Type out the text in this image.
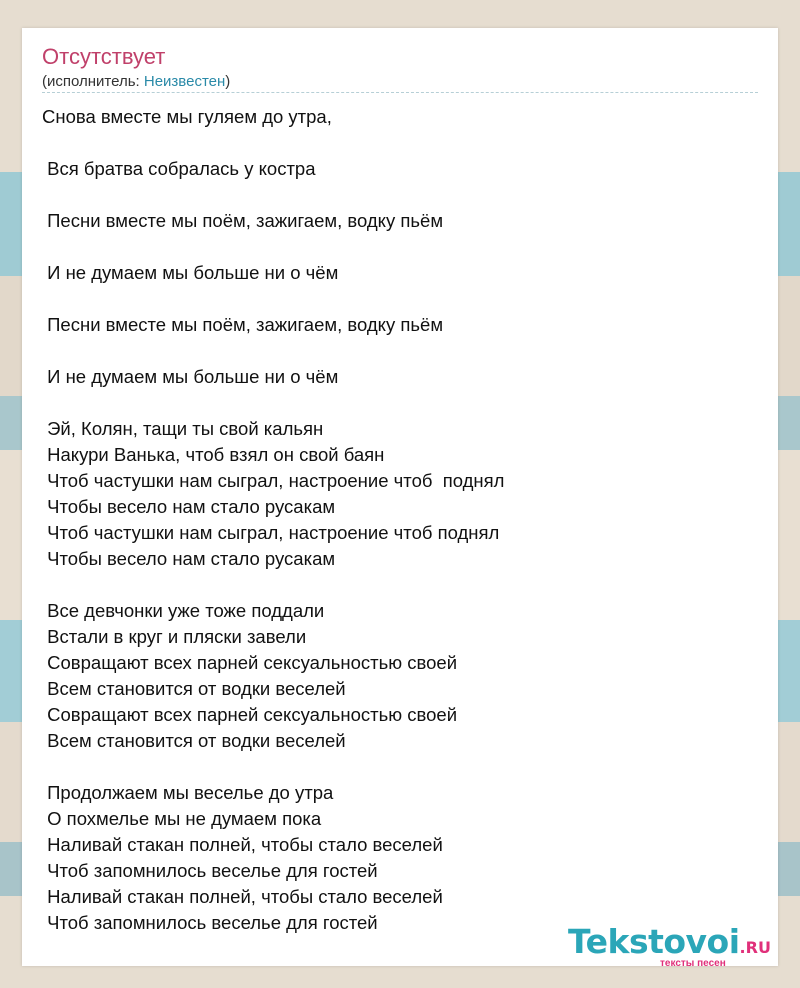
Отсутствует
(исполнитель: Неизвестен)
Снова вместе мы гуляем до утра,

Вся братва собралась у костра

Песни вместе мы поём, зажигаем, водку пьём

И не думаем мы больше ни о чём

Песни вместе мы поём, зажигаем, водку пьём

И не думаем мы больше ни о чём

Эй, Колян, тащи ты свой кальян
Накури Ванька, чтоб взял он свой баян
Чтоб частушки нам сыграл, настроение чтоб  поднял
Чтобы весело нам стало русакам
Чтоб частушки нам сыграл, настроение чтоб поднял
Чтобы весело нам стало русакам

Все девчонки уже тоже поддали
Встали в круг и пляски завели
Совращают всех парней сексуальностью своей
Всем становится от водки веселей
Совращают всех парней сексуальностью своей
Всем становится от водки веселей

Продолжаем мы веселье до утра
О похмелье мы не думаем пока
Наливай стакан полней, чтобы стало веселей
Чтоб запомнилось веселье для гостей
Наливай стакан полней, чтобы стало веселей
Чтоб запомнилось веселье для гостей	Tekstovoi.RU
тексты песен
